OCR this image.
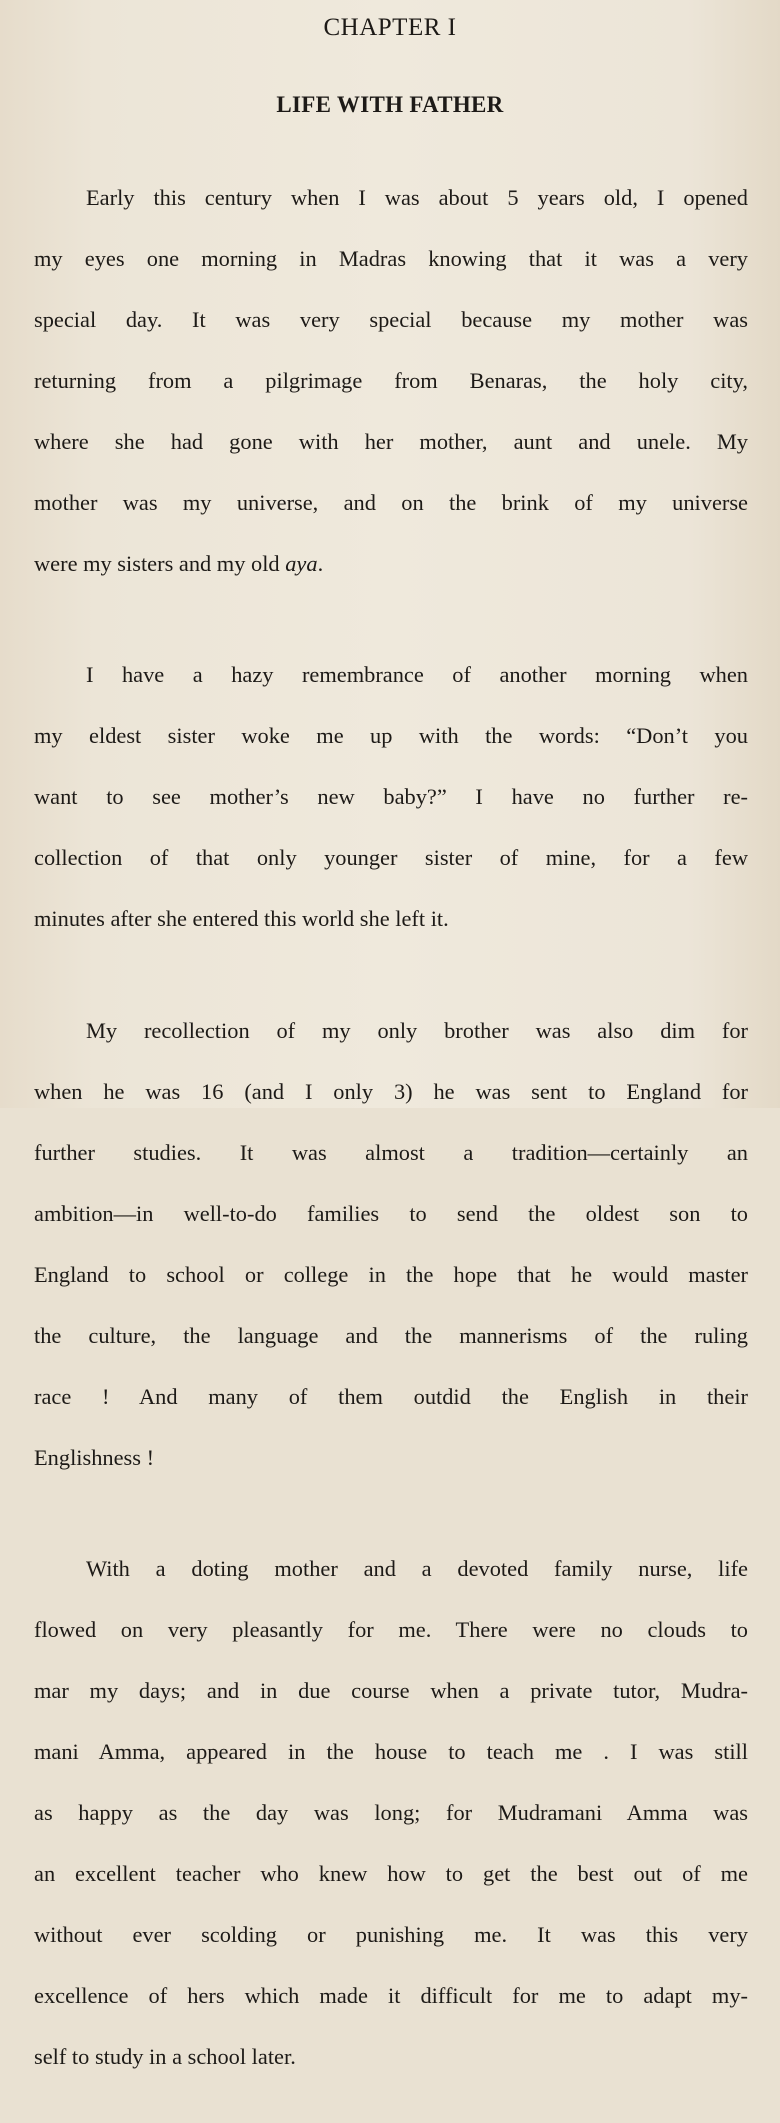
CHAPTER I
LIFE WITH FATHER

Early this century when I was about 5 years old, I opened

my eyes one morning in Madras knowing that it was a very

special day. It was very special because my mother was

returning from a pilgrimage from Benaras, the holy city,

where she had gone with her mother, aunt and unele. My

mother was my universe, and on the brink of my universe

were my sisters and my old aya.

I have a hazy remembrance of another morning when

my eldest sister woke me up with the words: “Don’t you

want to see mother’s new baby?” I have no further re-

collection of that only younger sister of mine, for a few

minutes after she entered this world she left it.

My recollection of my only brother was also dim for

when he was 16 (and I only 3) he was sent to England for

further studies. It was almost a tradition—certainly an

ambition—in well-to-do families to send the oldest son to

England to school or college in the hope that he would master

the culture, the language and the mannerisms of the ruling

race ! And many of them outdid the English in their

Englishness !

With a doting mother and a devoted family nurse, life

flowed on very pleasantly for me. There were no clouds to

mar my days; and in due course when a private tutor, Mudra-

mani Amma, appeared in the house to teach me . I was still

as happy as the day was long; for Mudramani Amma was

an excellent teacher who knew how to get the best out of me

without ever scolding or punishing me. It was this very

excellence of hers which made it difficult for me to adapt my-

self to study in a school later.
